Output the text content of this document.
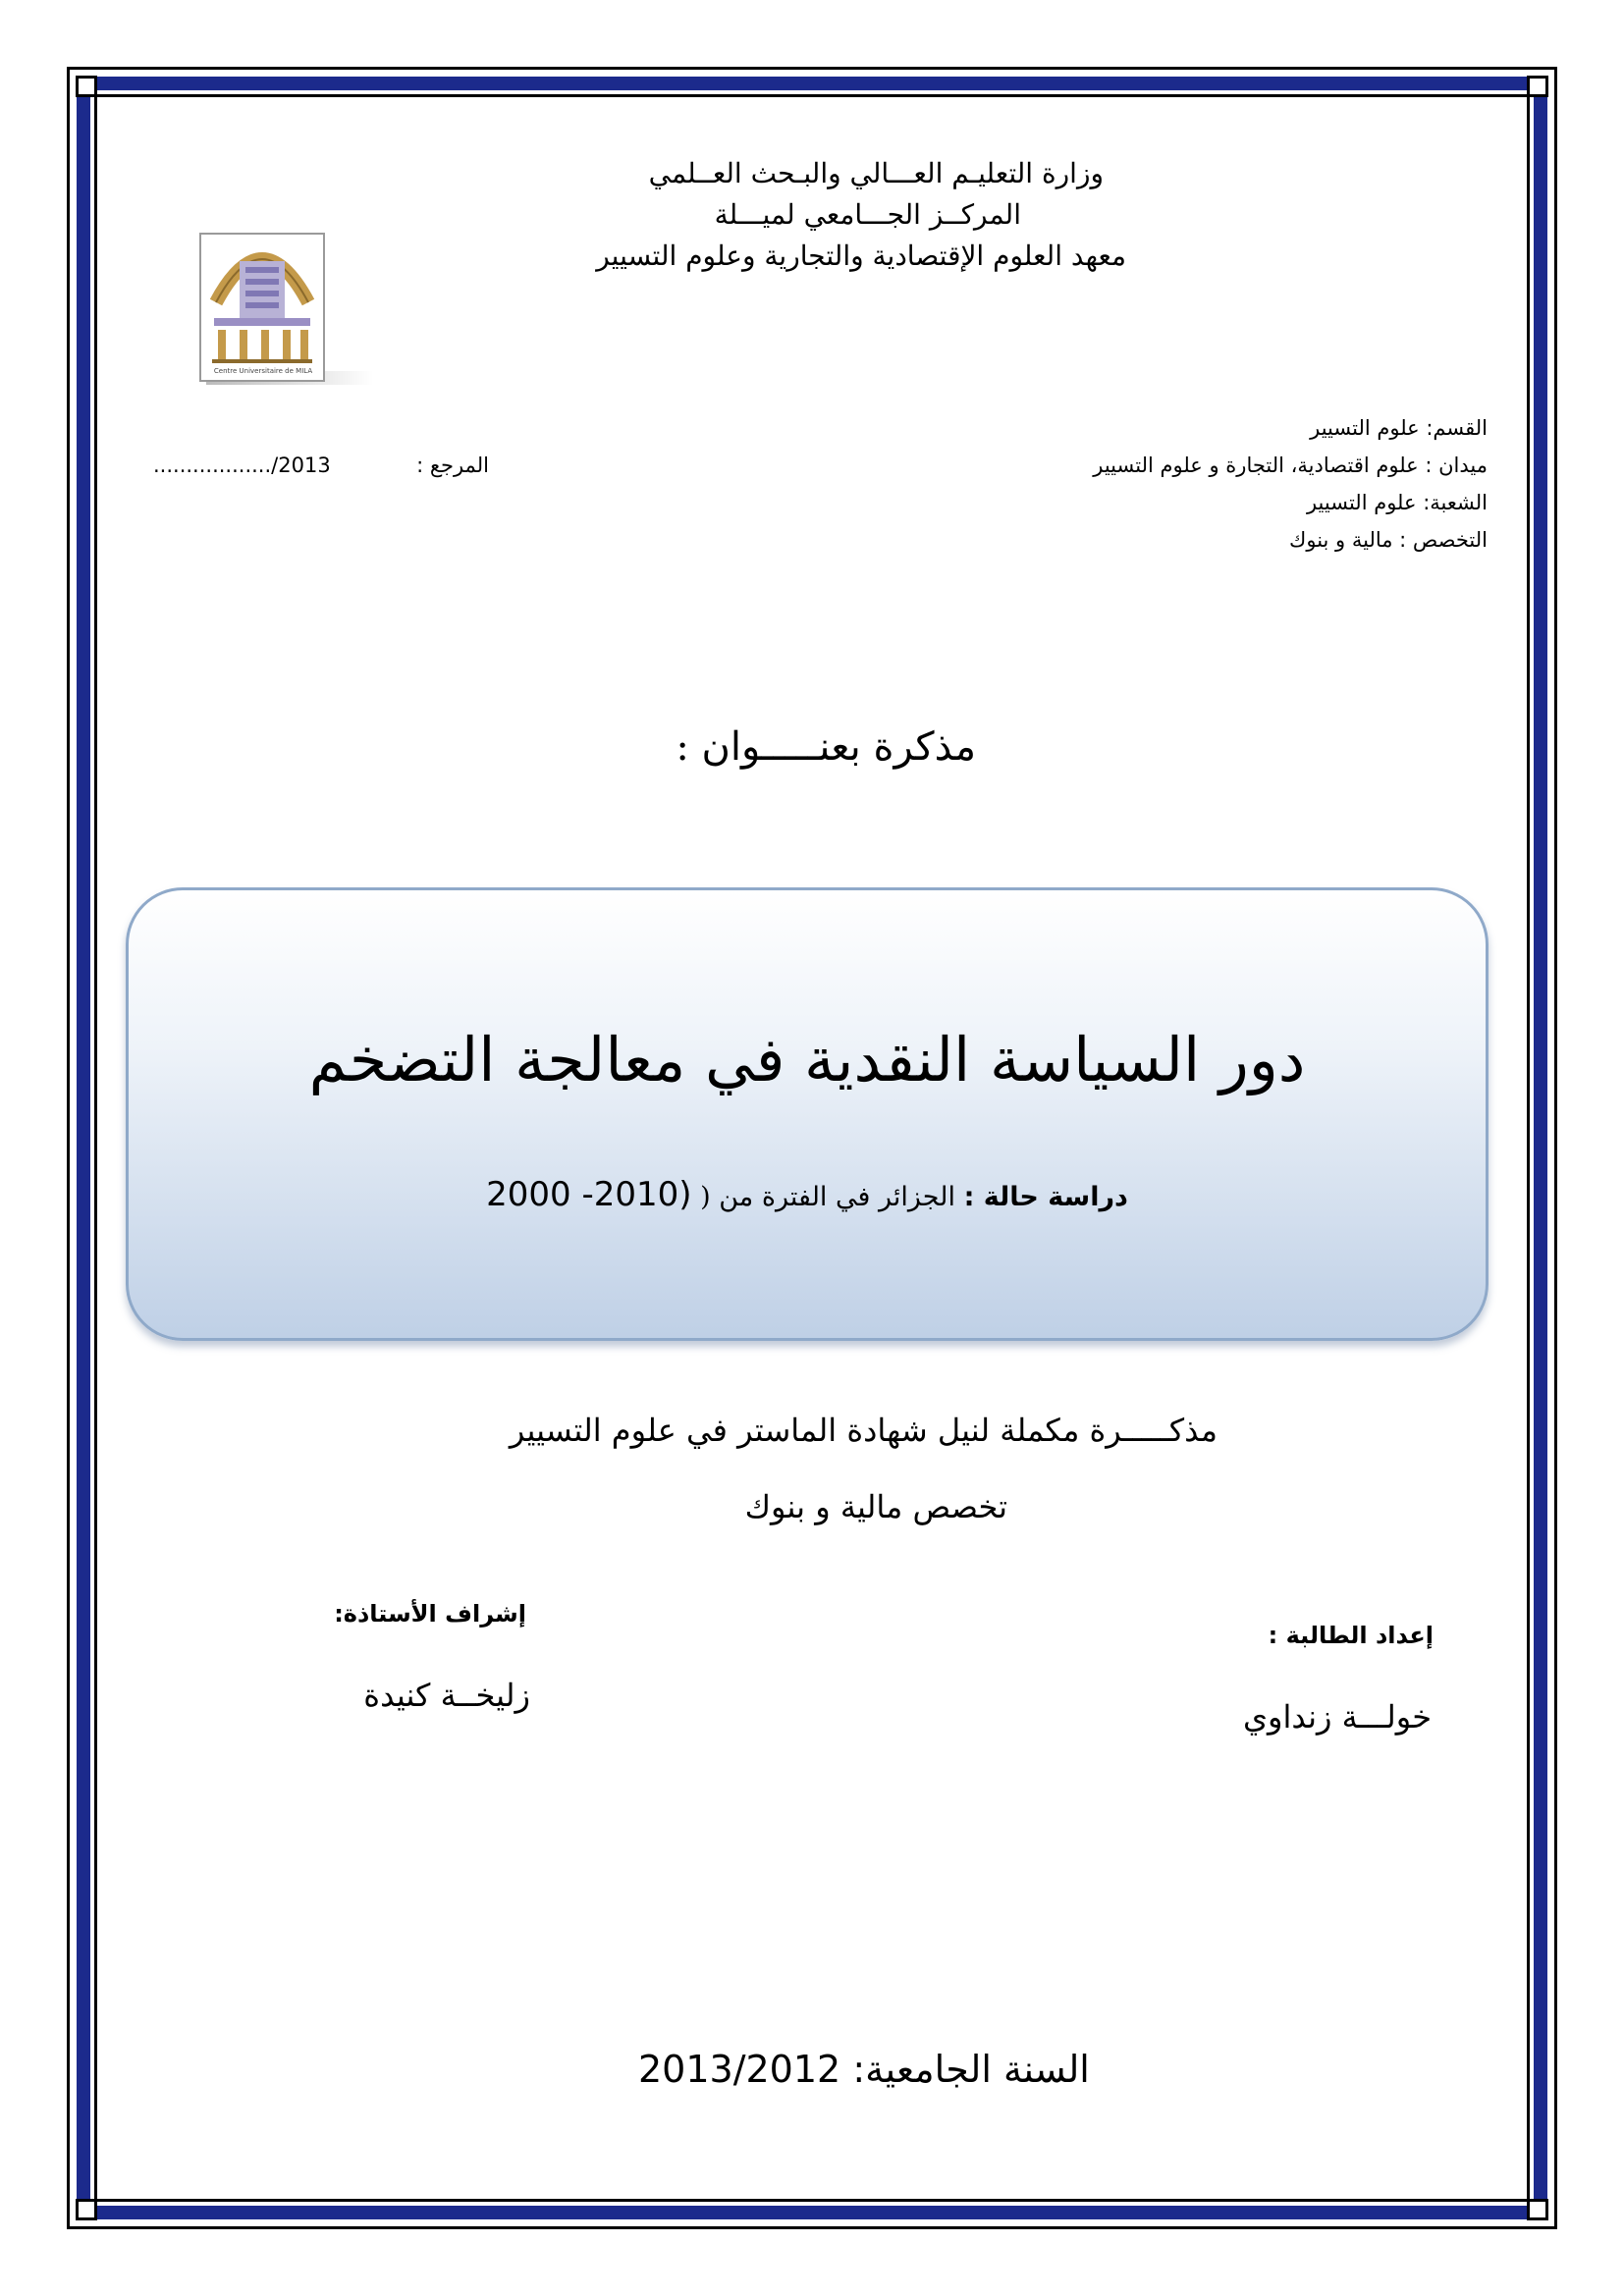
وزارة التعليـم العـــالي والبـحث العــلمي
المركــز الجـــامعي لميـــلة
معهد العلوم الإقتصادية والتجارية وعلوم التسيير
Centre Universitaire de MILA
القسم: علوم التسيير
ميدان : علوم اقتصادية، التجارة و علوم التسيير
الشعبة: علوم التسيير
التخصص : مالية و بنوك
................../2013	المرجع :
مذكرة بعنـــــوان :
دور السياسة النقدية في معالجة التضخم
دراسة حالة : الجزائر في الفترة من ( 2000 -2010)
مذكـــــرة مكملة لنيل شهادة الماستر في علوم التسيير
تخصص مالية و بنوك
إعداد الطالبة :
خولـــة زنداوي
إشراف الأستاذة:
زليخــة كنيدة
2013/2012 السنة الجامعية:
